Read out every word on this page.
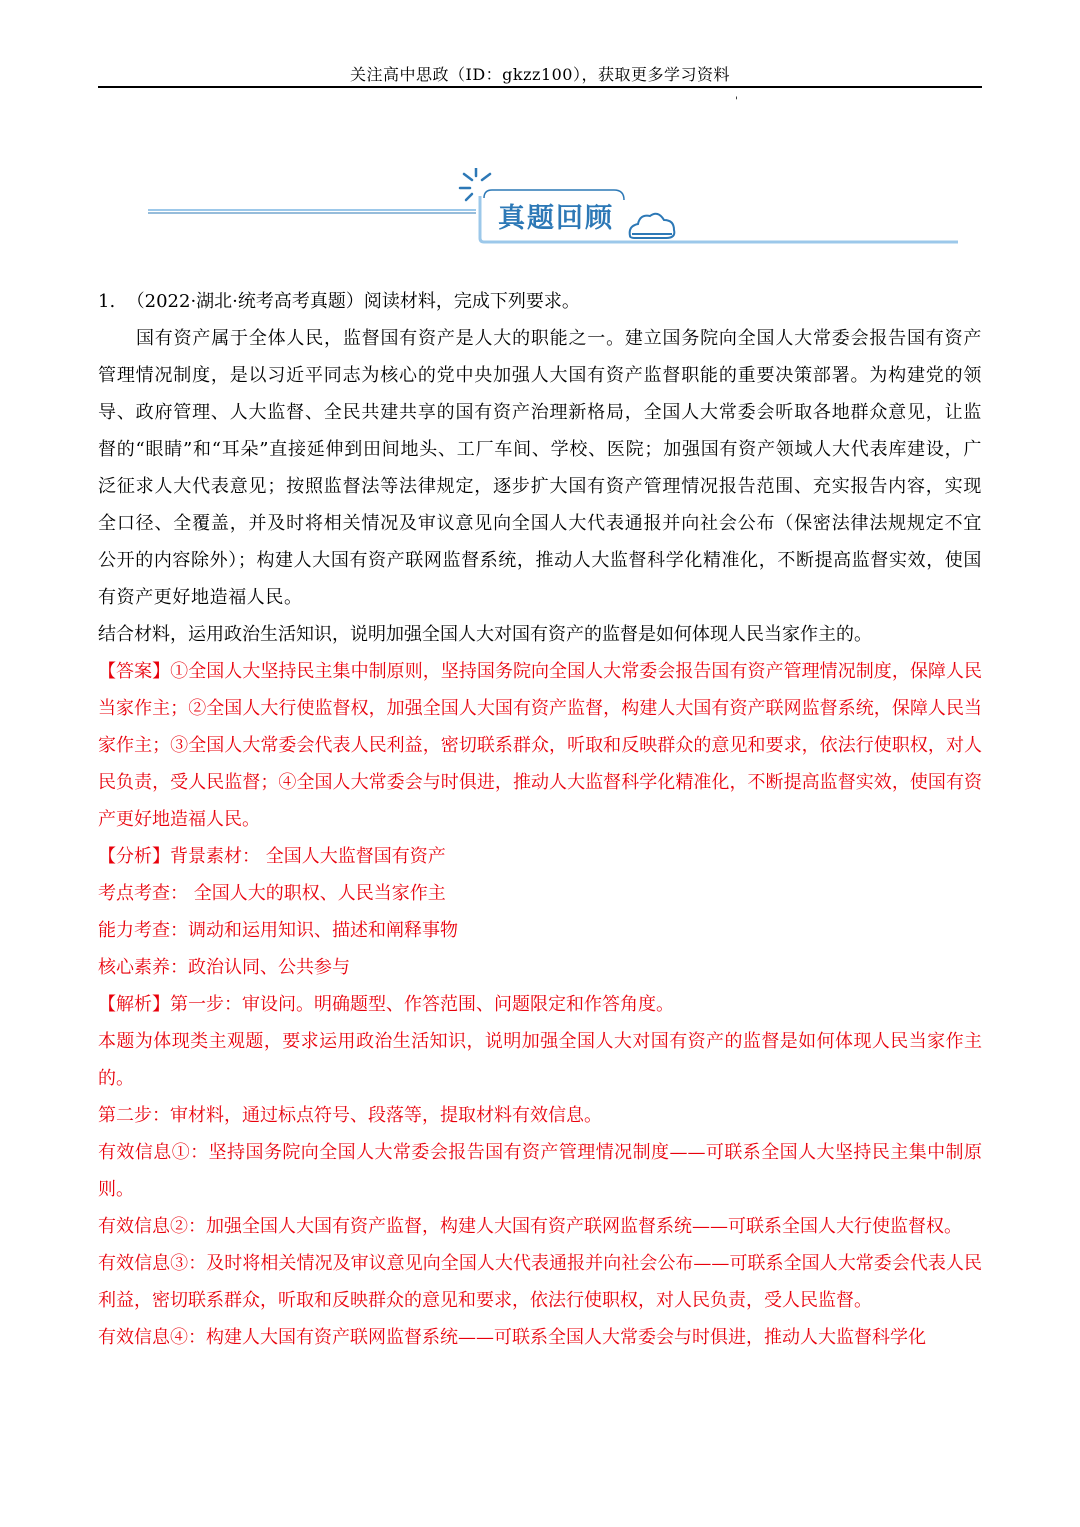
关注高中思政（ID：gkzz100），获取更多学习资料
'
真题回顾

1. （2022·湖北·统考高考真题）阅读材料，完成下列要求。

国有资产属于全体人民，监督国有资产是人大的职能之一。建立国务院向全国人大常委会报告国有资产管理情况制度，是以习近平同志为核心的党中央加强人大国有资产监督职能的重要决策部署。为构建党的领导、政府管理、人大监督、全民共建共享的国有资产治理新格局，全国人大常委会听取各地群众意见，让监督的“眼睛”和“耳朵”直接延伸到田间地头、工厂车间、学校、医院；加强国有资产领域人大代表库建设，广泛征求人大代表意见；按照监督法等法律规定，逐步扩大国有资产管理情况报告范围、充实报告内容，实现全口径、全覆盖，并及时将相关情况及审议意见向全国人大代表通报并向社会公布（保密法律法规规定不宜公开的内容除外）；构建人大国有资产联网监督系统，推动人大监督科学化精准化，不断提高监督实效，使国有资产更好地造福人民。

结合材料，运用政治生活知识，说明加强全国人大对国有资产的监督是如何体现人民当家作主的。

【答案】①全国人大坚持民主集中制原则，坚持国务院向全国人大常委会报告国有资产管理情况制度，保障人民当家作主；②全国人大行使监督权，加强全国人大国有资产监督，构建人大国有资产联网监督系统，保障人民当家作主；③全国人大常委会代表人民利益，密切联系群众，听取和反映群众的意见和要求，依法行使职权，对人民负责，受人民监督；④全国人大常委会与时俱进，推动人大监督科学化精准化，不断提高监督实效，使国有资产更好地造福人民。

【分析】背景素材： 全国人大监督国有资产

考点考查： 全国人大的职权、人民当家作主

能力考查：调动和运用知识、描述和阐释事物

核心素养：政治认同、公共参与

【解析】第一步：审设问。明确题型、作答范围、问题限定和作答角度。

本题为体现类主观题，要求运用政治生活知识，说明加强全国人大对国有资产的监督是如何体现人民当家作主的。

第二步：审材料，通过标点符号、段落等，提取材料有效信息。

有效信息①：坚持国务院向全国人大常委会报告国有资产管理情况制度——可联系全国人大坚持民主集中制原则。

有效信息②：加强全国人大国有资产监督，构建人大国有资产联网监督系统——可联系全国人大行使监督权。

有效信息③：及时将相关情况及审议意见向全国人大代表通报并向社会公布——可联系全国人大常委会代表人民利益，密切联系群众，听取和反映群众的意见和要求，依法行使职权，对人民负责，受人民监督。

有效信息④：构建人大国有资产联网监督系统——可联系全国人大常委会与时俱进，推动人大监督科学化
